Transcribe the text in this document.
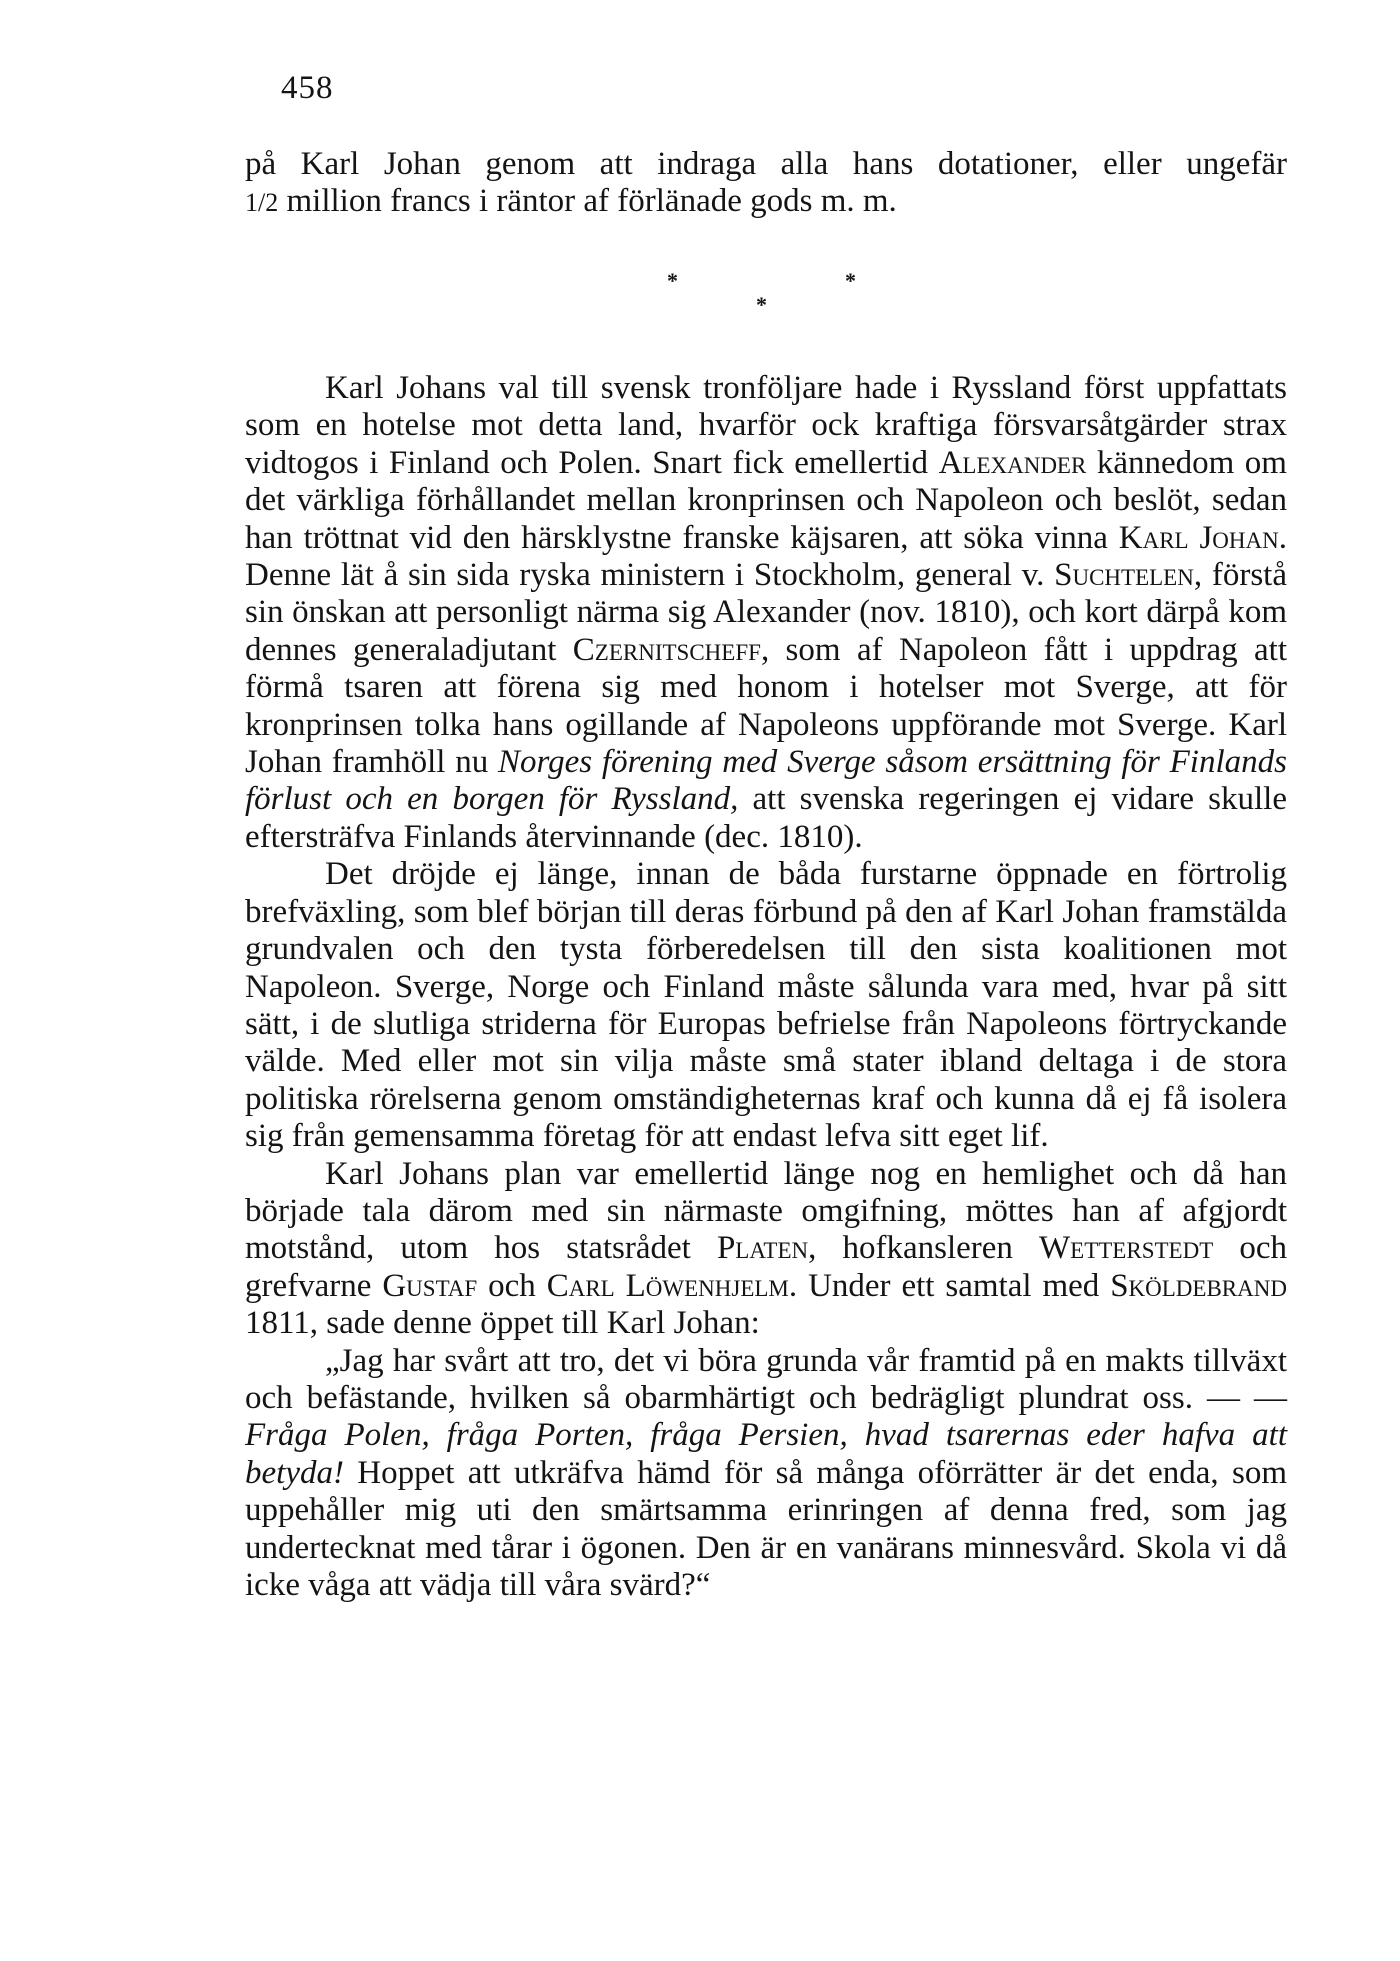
458
på Karl Johan genom att indraga alla hans dotationer, eller ungefär
1/2 million francs i räntor af förlänade gods m. m.
*	*
*

Karl Johans val till svensk tronföljare hade i Ryssland först uppfattats som en hotelse mot detta land, hvarför ock kraftiga försvarsåtgärder strax vidtogos i Finland och Polen. Snart fick emellertid Alexander kännedom om det värkliga förhållandet mellan kronprinsen och Napoleon och beslöt, sedan han tröttnat vid den härsklystne franske käjsaren, att söka vinna Karl Johan. Denne lät å sin sida ryska ministern i Stockholm, general v. Suchtelen, förstå sin önskan att personligt närma sig Alexander (nov. 1810), och kort därpå kom dennes generaladjutant Czernitscheff, som af Napoleon fått i uppdrag att förmå tsaren att förena sig med honom i hotelser mot Sverge, att för kronprinsen tolka hans ogillande af Napoleons uppförande mot Sverge. Karl Johan framhöll nu Norges förening med Sverge såsom ersättning för Finlands förlust och en borgen för Ryssland, att svenska regeringen ej vidare skulle eftersträfva Finlands återvinnande (dec. 1810).

Det dröjde ej länge, innan de båda furstarne öppnade en förtrolig brefväxling, som blef början till deras förbund på den af Karl Johan framstälda grundvalen och den tysta förberedelsen till den sista koalitionen mot Napoleon. Sverge, Norge och Finland måste sålunda vara med, hvar på sitt sätt, i de slutliga striderna för Europas befrielse från Napoleons förtryckande välde. Med eller mot sin vilja måste små stater ibland deltaga i de stora politiska rörelserna genom omständigheternas kraf och kunna då ej få isolera sig från gemensamma företag för att endast lefva sitt eget lif.

Karl Johans plan var emellertid länge nog en hemlighet och då han började tala därom med sin närmaste omgifning, möttes han af afgjordt motstånd, utom hos statsrådet Platen, hofkansleren Wetterstedt och grefvarne Gustaf och Carl Löwenhjelm. Under ett samtal med Sköldebrand 1811, sade denne öppet till Karl Johan:

„Jag har svårt att tro, det vi böra grunda vår framtid på en makts tillväxt och befästande, hvilken så obarmhärtigt och bedrägligt plundrat oss. — — Fråga Polen, fråga Porten, fråga Persien, hvad tsarernas eder hafva att betyda! Hoppet att utkräfva hämd för så många oförrätter är det enda, som uppehåller mig uti den smärtsamma erinringen af denna fred, som jag undertecknat med tårar i ögonen. Den är en vanärans minnesvård. Skola vi då icke våga att vädja till våra svärd?“
